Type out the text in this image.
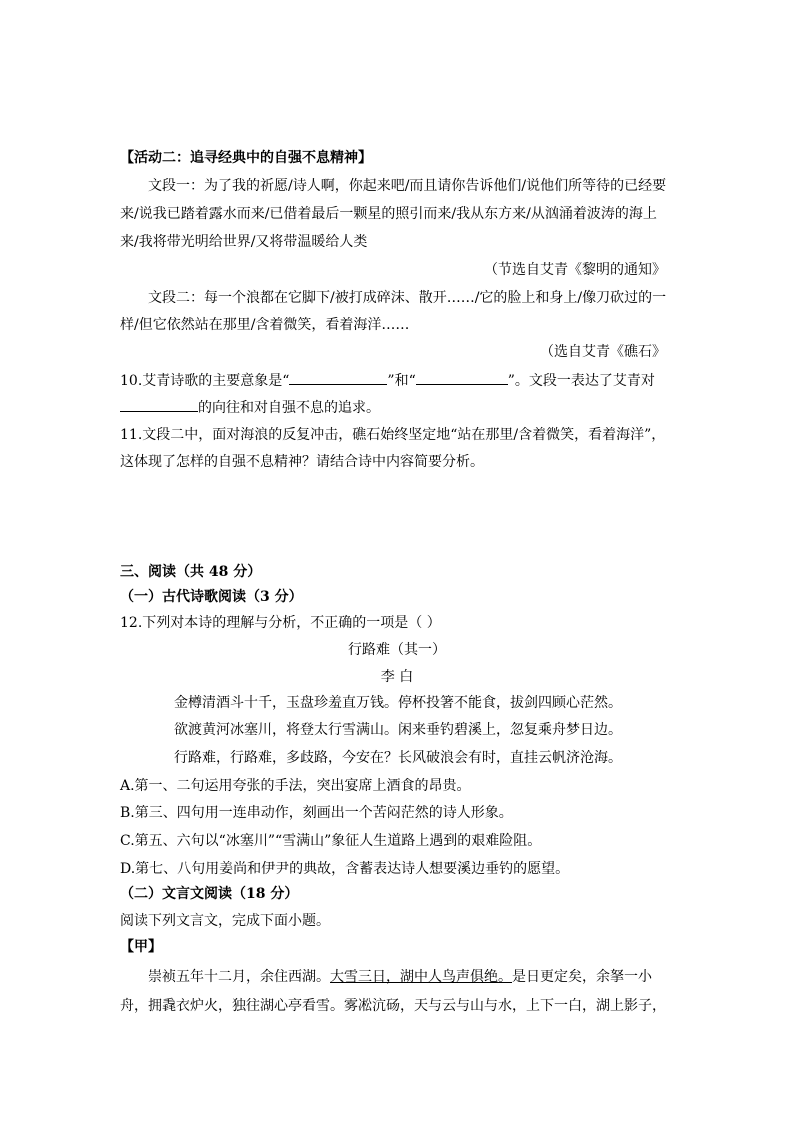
【活动二：追寻经典中的自强不息精神】
文段一：为了我的祈愿/诗人啊，你起来吧/而且请你告诉他们/说他们所等待的已经要
来/说我已踏着露水而来/已借着最后一颗星的照引而来/我从东方来/从汹涌着波涛的海上
来/我将带光明给世界/又将带温暖给人类
（节选自艾青《黎明的通知》
文段二：每一个浪都在它脚下/被打成碎沫、散开……/它的脸上和身上/像刀砍过的一
样/但它依然站在那里/含着微笑，看着海洋……
（选自艾青《礁石》
10.艾青诗歌的主要意象是“	”和“	”。文段一表达了艾青对
的向往和对自强不息的追求。
11.文段二中，面对海浪的反复冲击，礁石始终坚定地“站在那里/含着微笑，看着海洋”，
这体现了怎样的自强不息精神？请结合诗中内容简要分析。
三、阅读（共 48 分）
（一）古代诗歌阅读（3 分）
12.下列对本诗的理解与分析，不正确的一项是（ ）
行路难（其一）
李 白
金樽清酒斗十千，玉盘珍羞直万钱。停杯投箸不能食，拔剑四顾心茫然。
欲渡黄河冰塞川，将登太行雪满山。闲来垂钓碧溪上，忽复乘舟梦日边。
行路难，行路难，多歧路，今安在？长风破浪会有时，直挂云帆济沧海。
A.第一、二句运用夸张的手法，突出宴席上酒食的昂贵。
B.第三、四句用一连串动作，刻画出一个苦闷茫然的诗人形象。
C.第五、六句以“冰塞川”“雪满山”象征人生道路上遇到的艰难险阻。
D.第七、八句用姜尚和伊尹的典故，含蓄表达诗人想要溪边垂钓的愿望。
（二）文言文阅读（18 分）
阅读下列文言文，完成下面小题。
【甲】
崇祯五年十二月，余住西湖。大雪三日，湖中人鸟声俱绝。是日更定矣，余拏一小
舟，拥毳衣炉火，独往湖心亭看雪。雾凇沆砀，天与云与山与水，上下一白，湖上影子，
